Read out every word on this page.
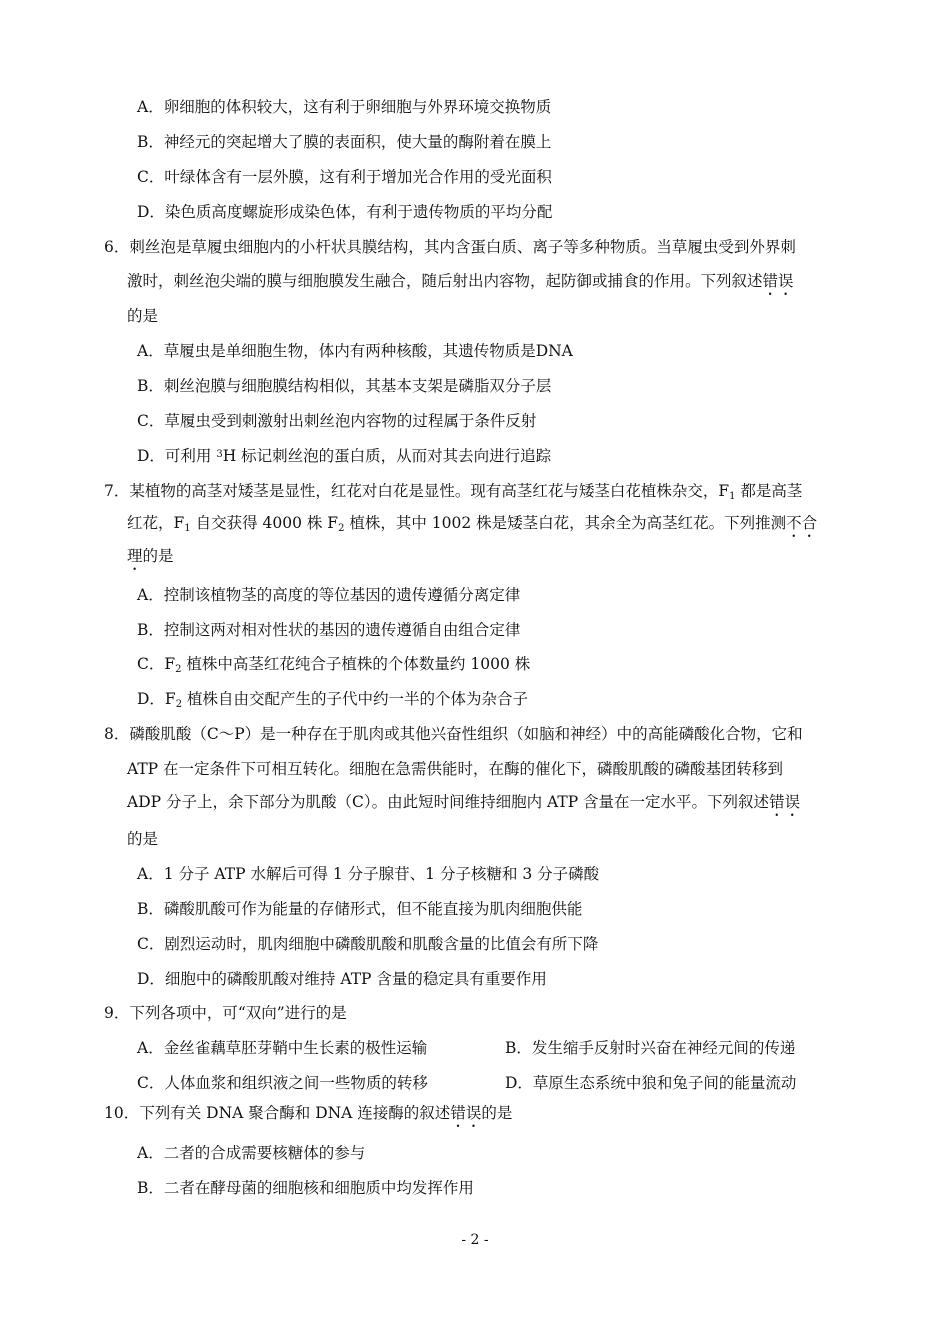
A．卵细胞的体积较大，这有利于卵细胞与外界环境交换物质
B．神经元的突起增大了膜的表面积，使大量的酶附着在膜上
C．叶绿体含有一层外膜，这有利于增加光合作用的受光面积
D．染色质高度螺旋形成染色体，有利于遗传物质的平均分配
6．刺丝泡是草履虫细胞内的小杆状具膜结构，其内含蛋白质、离子等多种物质。当草履虫受到外界刺
激时，刺丝泡尖端的膜与细胞膜发生融合，随后射出内容物，起防御或捕食的作用。下列叙述错误
的是
A．草履虫是单细胞生物，体内有两种核酸，其遗传物质是DNA
B．刺丝泡膜与细胞膜结构相似，其基本支架是磷脂双分子层
C．草履虫受到刺激射出刺丝泡内容物的过程属于条件反射
D．可利用 $^3$H 标记刺丝泡的蛋白质，从而对其去向进行追踪
7．某植物的高茎对矮茎是显性，红花对白花是显性。现有高茎红花与矮茎白花植株杂交，$F_1$ 都是高茎
红花，$F_1$ 自交获得 4000 株 $F_2$ 植株，其中 1002 株是矮茎白花，其余全为高茎红花。下列推测不合
理的是
A．控制该植物茎的高度的等位基因的遗传遵循分离定律
B．控制这两对相对性状的基因的遗传遵循自由组合定律
C．$F_2$ 植株中高茎红花纯合子植株的个体数量约 1000 株
D．$F_2$ 植株自由交配产生的子代中约一半的个体为杂合子
8．磷酸肌酸（C～P）是一种存在于肌肉或其他兴奋性组织（如脑和神经）中的高能磷酸化合物，它和
ATP 在一定条件下可相互转化。细胞在急需供能时，在酶的催化下，磷酸肌酸的磷酸基团转移到
ADP 分子上，余下部分为肌酸（C）。由此短时间维持细胞内 ATP 含量在一定水平。下列叙述错误
的是
A．1 分子 ATP 水解后可得 1 分子腺苷、1 分子核糖和 3 分子磷酸
B．磷酸肌酸可作为能量的存储形式，但不能直接为肌肉细胞供能
C．剧烈运动时，肌肉细胞中磷酸肌酸和肌酸含量的比值会有所下降
D．细胞中的磷酸肌酸对维持 ATP 含量的稳定具有重要作用
9．下列各项中，可“双向”进行的是
A．金丝雀藕草胚芽鞘中生长素的极性运输	B．发生缩手反射时兴奋在神经元间的传递
C．人体血浆和组织液之间一些物质的转移	D．草原生态系统中狼和兔子间的能量流动
10．下列有关 DNA 聚合酶和 DNA 连接酶的叙述错误的是
A．二者的合成需要核糖体的参与
B．二者在酵母菌的细胞核和细胞质中均发挥作用
- 2 -
